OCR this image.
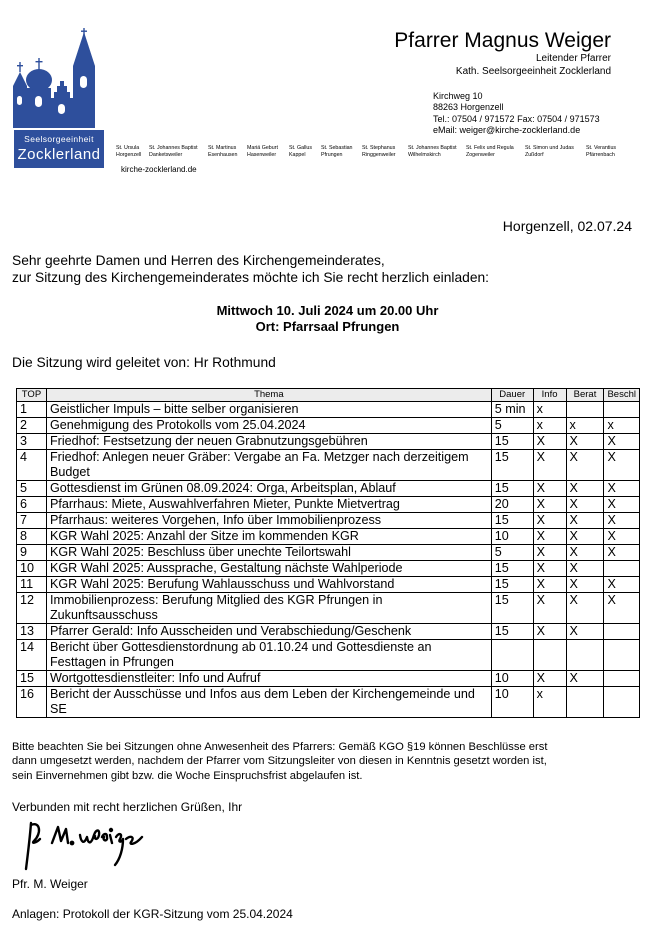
Seelsorgeeinheit
Zocklerland	St. Ursula
Horgenzell
St. Johannes Baptist
Danketsweiler
St. Martinus
Esenhausen
Mariä Geburt
Hasenweiler
St. Gallus
Kappel
St. Sebastian
Pfrungen
St. Stephanus
Ringgenweiler
St. Johannes Baptist
Wilhelmskirch
St. Felix und Regula
Zogenweiler
St. Simon und Judas
Zußdorf
St. Verantius
Pfärrenbach
kirche-zocklerland.de
Pfarrer Magnus Weiger
Leitender Pfarrer
Kath. Seelsorgeeinheit Zocklerland
Kirchweg 10
88263 Horgenzell
Tel.: 07504 / 971572 Fax: 07504 / 971573
eMail: weiger@kirche-zocklerland.de
Horgenzell, 02.07.24
Sehr geehrte Damen und Herren des Kirchengemeinderates,
zur Sitzung des Kirchengemeinderates möchte ich Sie recht herzlich einladen:
Mittwoch 10. Juli 2024 um 20.00 Uhr
Ort: Pfarrsaal Pfrungen
Die Sitzung wird geleitet von: Hr Rothmund
TOP	Thema	Dauer	Info	Berat	Beschl
1	Geistlicher Impuls – bitte selber organisieren	5 min	x		
2	Genehmigung des Protokolls vom 25.04.2024	5	x	x	x
3	Friedhof: Festsetzung der neuen Grabnutzungsgebühren	15	X	X	X
4	Friedhof: Anlegen neuer Gräber: Vergabe an Fa. Metzger nach derzeitigem Budget	15	X	X	X
5	Gottesdienst im Grünen 08.09.2024: Orga, Arbeitsplan, Ablauf	15	X	X	X
6	Pfarrhaus: Miete, Auswahlverfahren Mieter, Punkte Mietvertrag	20	X	X	X
7	Pfarrhaus: weiteres Vorgehen, Info über Immobilienprozess	15	X	X	X
8	KGR Wahl 2025: Anzahl der Sitze im kommenden KGR	10	X	X	X
9	KGR Wahl 2025: Beschluss über unechte Teilortswahl	5	X	X	X
10	KGR Wahl 2025: Aussprache, Gestaltung nächste Wahlperiode	15	X	X	
11	KGR Wahl 2025: Berufung Wahlausschuss und Wahlvorstand	15	X	X	X
12	Immobilienprozess: Berufung Mitglied des KGR Pfrungen in Zukunftsausschuss	15	X	X	X
13	Pfarrer Gerald: Info Ausscheiden und Verabschiedung/Geschenk	15	X	X	
14	Bericht über Gottesdienstordnung ab 01.10.24 und Gottesdienste an Festtagen in Pfrungen				
15	Wortgottesdienstleiter: Info und Aufruf	10	X	X	
16	Bericht der Ausschüsse und Infos aus dem Leben der Kirchengemeinde und SE	10	x		
Bitte beachten Sie bei Sitzungen ohne Anwesenheit des Pfarrers: Gemäß KGO §19 können Beschlüsse erst
dann umgesetzt werden, nachdem der Pfarrer vom Sitzungsleiter von diesen in Kenntnis gesetzt worden ist,
sein Einvernehmen gibt bzw. die Woche Einspruchsfrist abgelaufen ist.
Verbunden mit recht herzlichen Grüßen, Ihr
Pfr. M. Weiger
Anlagen: Protokoll der KGR-Sitzung vom 25.04.2024
